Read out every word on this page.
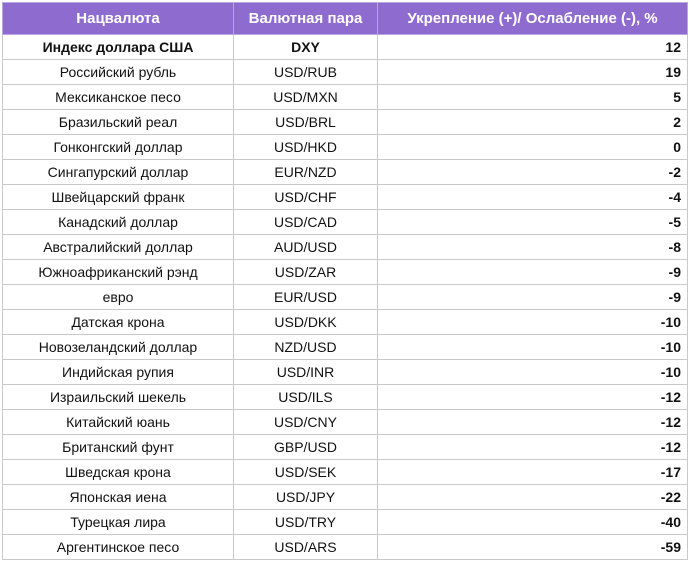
Нацвалюта	Валютная пара	Укрепление (+)/ Ослабление (-), %
Индекс доллара США	DXY	12
Российский рубль	USD/RUB	19
Мексиканское песо	USD/MXN	5
Бразильский реал	USD/BRL	2
Гонконгский доллар	USD/HKD	0
Сингапурский доллар	EUR/NZD	-2
Швейцарский франк	USD/CHF	-4
Канадский доллар	USD/CAD	-5
Австралийский доллар	AUD/USD	-8
Южноафриканский рэнд	USD/ZAR	-9
евро	EUR/USD	-9
Датская крона	USD/DKK	-10
Новозеландский доллар	NZD/USD	-10
Индийская рупия	USD/INR	-10
Израильский шекель	USD/ILS	-12
Китайский юань	USD/CNY	-12
Британский фунт	GBP/USD	-12
Шведская крона	USD/SEK	-17
Японская иена	USD/JPY	-22
Турецкая лира	USD/TRY	-40
Аргентинское песо	USD/ARS	-59
